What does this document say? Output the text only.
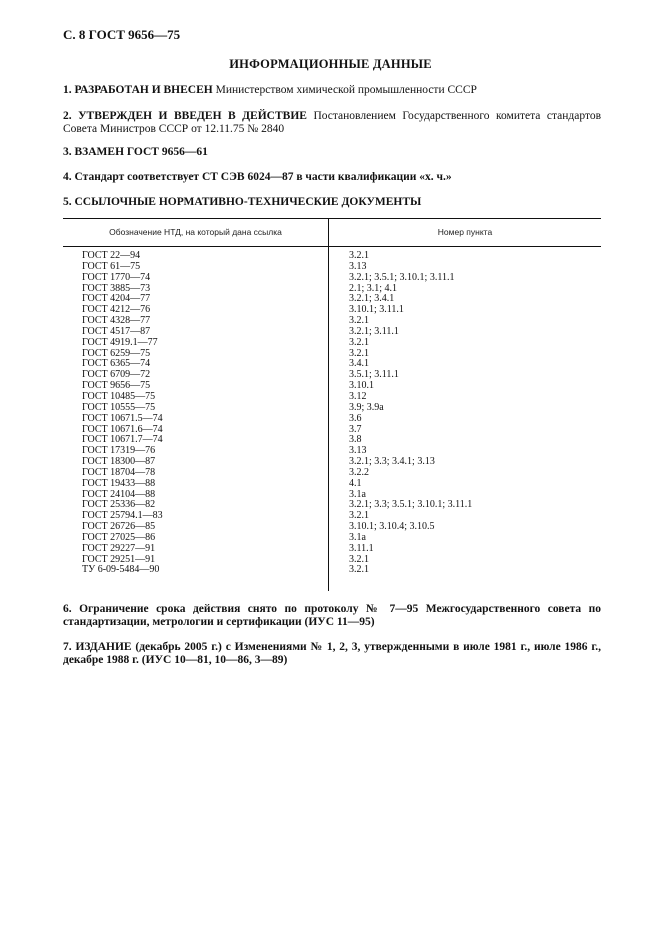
С. 8 ГОСТ 9656—75
ИНФОРМАЦИОННЫЕ ДАННЫЕ
1. РАЗРАБОТАН И ВНЕСЕН Министерством химической промышленности СССР
2. УТВЕРЖДЕН И ВВЕДЕН В ДЕЙСТВИЕ Постановлением Государственного комитета стандартов Совета Министров СССР от 12.11.75 № 2840
3. ВЗАМЕН ГОСТ 9656—61
4. Стандарт соответствует СТ СЭВ 6024—87 в части квалификации «х. ч.»
5. ССЫЛОЧНЫЕ НОРМАТИВНО-ТЕХНИЧЕСКИЕ ДОКУМЕНТЫ
Обозначение НТД, на который дана ссылка	Номер пункта
ГОСТ 22—94	3.2.1
ГОСТ 61—75	3.13
ГОСТ 1770—74	3.2.1; 3.5.1; 3.10.1; 3.11.1
ГОСТ 3885—73	2.1; 3.1; 4.1
ГОСТ 4204—77	3.2.1; 3.4.1
ГОСТ 4212—76	3.10.1; 3.11.1
ГОСТ 4328—77	3.2.1
ГОСТ 4517—87	3.2.1; 3.11.1
ГОСТ 4919.1—77	3.2.1
ГОСТ 6259—75	3.2.1
ГОСТ 6365—74	3.4.1
ГОСТ 6709—72	3.5.1; 3.11.1
ГОСТ 9656—75	3.10.1
ГОСТ 10485—75	3.12
ГОСТ 10555—75	3.9; 3.9а
ГОСТ 10671.5—74	3.6
ГОСТ 10671.6—74	3.7
ГОСТ 10671.7—74	3.8
ГОСТ 17319—76	3.13
ГОСТ 18300—87	3.2.1; 3.3; 3.4.1; 3.13
ГОСТ 18704—78	3.2.2
ГОСТ 19433—88	4.1
ГОСТ 24104—88	3.1а
ГОСТ 25336—82	3.2.1; 3.3; 3.5.1; 3.10.1; 3.11.1
ГОСТ 25794.1—83	3.2.1
ГОСТ 26726—85	3.10.1; 3.10.4; 3.10.5
ГОСТ 27025—86	3.1а
ГОСТ 29227—91	3.11.1
ГОСТ 29251—91	3.2.1
ТУ 6-09-5484—90	3.2.1
6. Ограничение срока действия снято по протоколу № 7—95 Межгосударственного совета по стандартизации, метрологии и сертификации (ИУС 11—95)
7. ИЗДАНИЕ (декабрь 2005 г.) с Изменениями № 1, 2, 3, утвержденными в июле 1981 г., июле 1986 г., декабре 1988 г. (ИУС 10—81, 10—86, 3—89)
